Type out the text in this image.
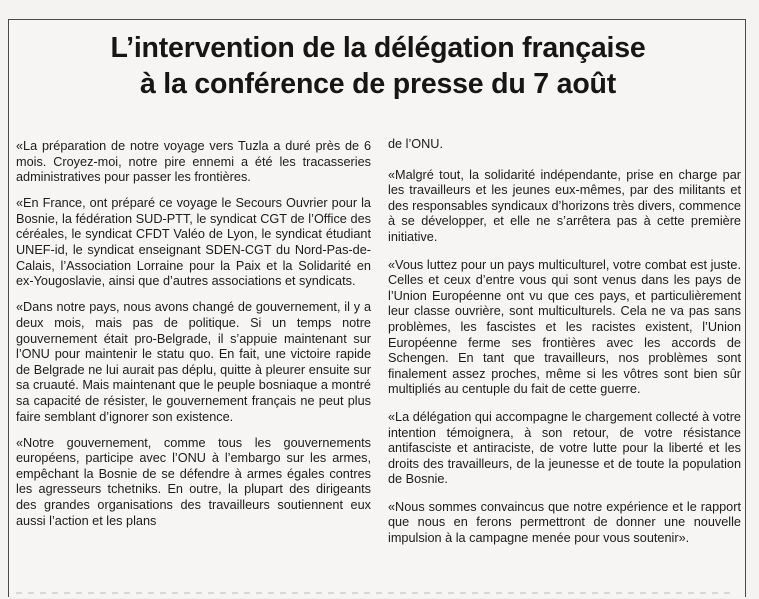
L’intervention de la délégation française
à la conférence de presse du 7 août

«La préparation de notre voyage vers Tuzla a duré près de 6 mois. Croyez-moi, notre pire ennemi a été les tracasseries administratives pour passer les frontières.

«En France, ont préparé ce voyage le Secours Ouvrier pour la Bosnie, la fédération SUD-PTT, le syndicat CGT de l’Office des céréales, le syndicat CFDT Valéo de Lyon, le syndicat étudiant UNEF-id, le syndicat enseignant SDEN-CGT du Nord-Pas-de-Calais, l’Association Lorraine pour la Paix et la Solidarité en ex-Yougoslavie, ainsi que d’autres associations et syndicats.

«Dans notre pays, nous avons changé de gouvernement, il y a deux mois, mais pas de politique. Si un temps notre gouvernement était pro-Belgrade, il s’appuie maintenant sur l’ONU pour maintenir le statu quo. En fait, une victoire rapide de Belgrade ne lui aurait pas déplu, quitte à pleurer ensuite sur sa cruauté. Mais maintenant que le peuple bosniaque a montré sa capacité de résister, le gouvernement français ne peut plus faire semblant d’ignorer son existence.

«Notre gouvernement, comme tous les gouvernements européens, participe avec l’ONU à l’embargo sur les armes, empêchant la Bosnie de se défendre à armes égales contres les agresseurs tchetniks. En outre, la plupart des dirigeants des grandes organisations des travailleurs soutiennent eux aussi l’action et les plans

de l’ONU.

«Malgré tout, la solidarité indépendante, prise en charge par les travailleurs et les jeunes eux-mêmes, par des militants et des responsables syndicaux d’horizons très divers, commence à se développer, et elle ne s’arrêtera pas à cette première initiative.

«Vous luttez pour un pays multiculturel, votre combat est juste. Celles et ceux d’entre vous qui sont venus dans les pays de l’Union Européenne ont vu que ces pays, et particulièrement leur classe ouvrière, sont multiculturels. Cela ne va pas sans problèmes, les fascistes et les racistes existent, l’Union Européenne ferme ses frontières avec les accords de Schengen. En tant que travailleurs, nos problèmes sont finalement assez proches, même si les vôtres sont bien sûr multipliés au centuple du fait de cette guerre.

«La délégation qui accompagne le chargement collecté à votre intention témoignera, à son retour, de votre résistance antifasciste et antiraciste, de votre lutte pour la liberté et les droits des travailleurs, de la jeunesse et de toute la population de Bosnie.

«Nous sommes convaincus que notre expérience et le rapport que nous en ferons permettront de donner une nouvelle impulsion à la campagne menée pour vous soutenir».
